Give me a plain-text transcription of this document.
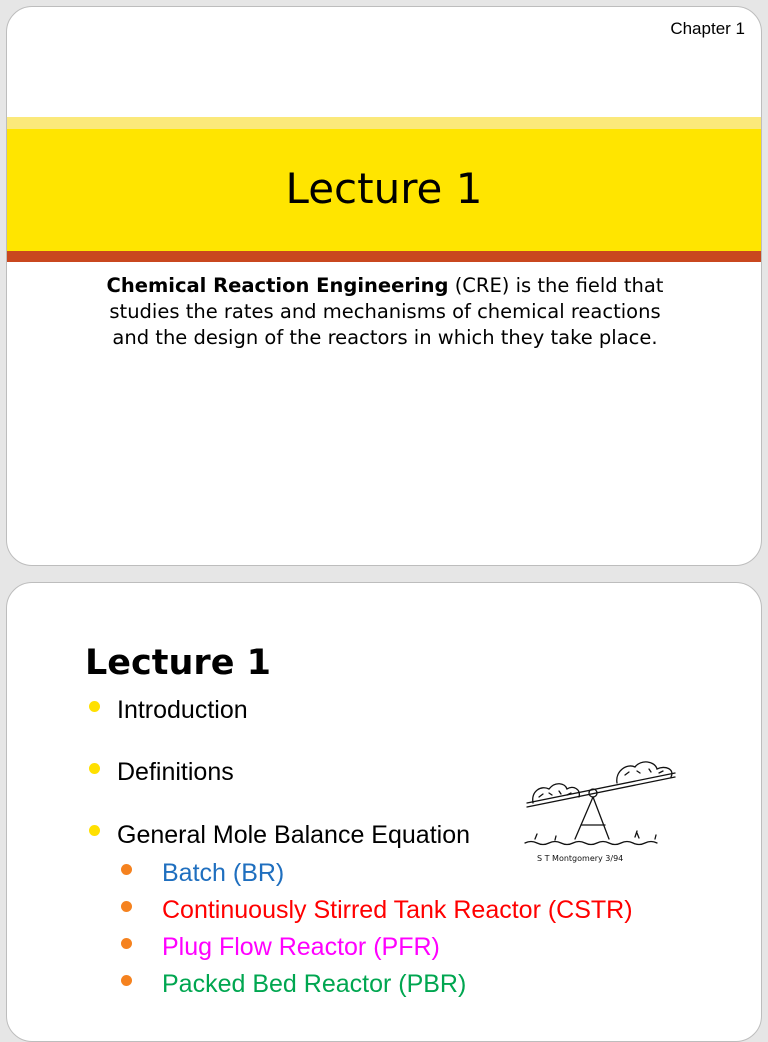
Chapter 1
Lecture 1
Chemical Reaction Engineering (CRE) is the field that studies the rates and mechanisms of chemical reactions and the design of the reactors in which they take place.
Lecture 1
Introduction
Definitions
General Mole Balance Equation
Batch (BR)
Continuously Stirred Tank Reactor (CSTR)
Plug Flow Reactor (PFR)
Packed Bed Reactor (PBR)
S T Montgomery 3/94
